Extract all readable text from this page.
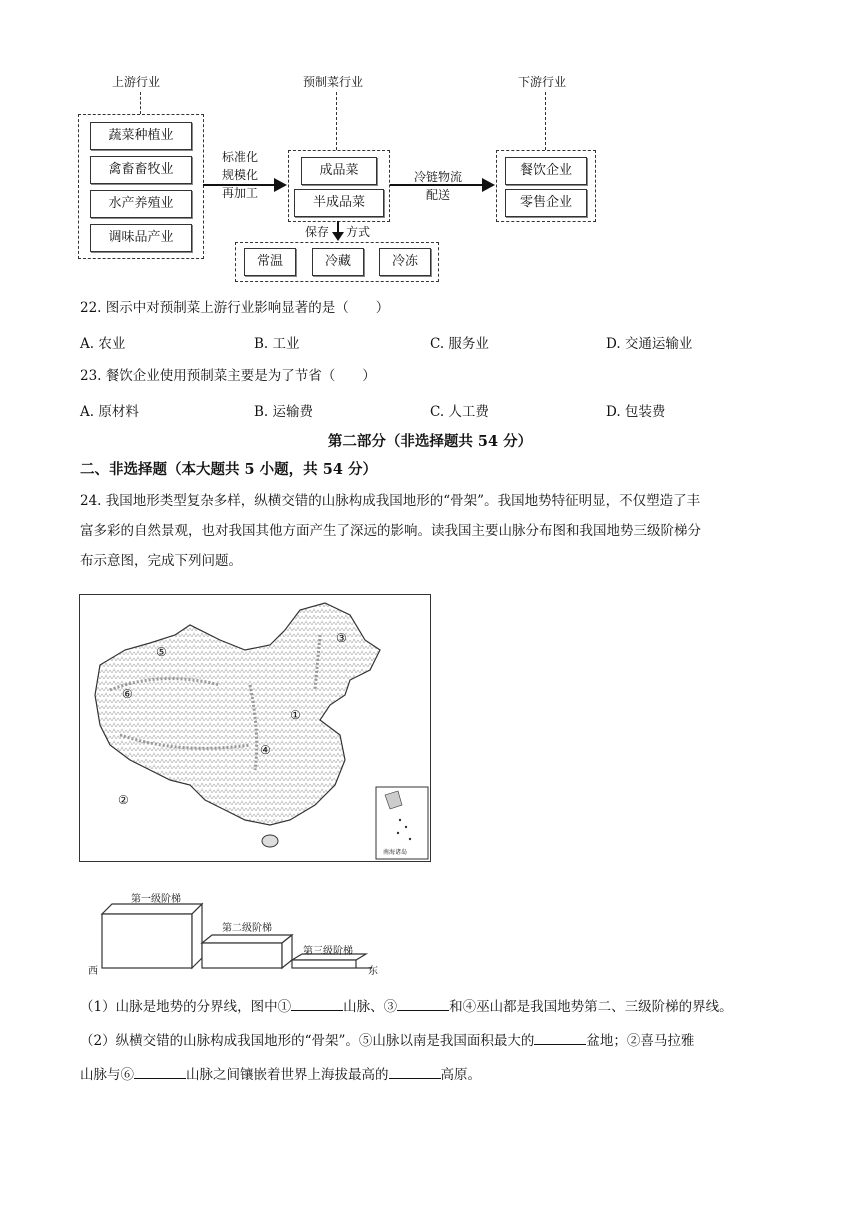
上游行业	预制菜行业	下游行业
蔬菜种植业
禽畜畜牧业
水产养殖业
调味品产业
标准化
规模化
再加工
成品菜
半成品菜
冷链物流
配送
餐饮企业
零售企业
保存 方式
常温	冷藏	冷冻
22. 图示中对预制菜上游行业影响显著的是（　　）
A. 农业	B. 工业	C. 服务业	D. 交通运输业
23. 餐饮企业使用预制菜主要是为了节省（　　）
A. 原材料	B. 运输费	C. 人工费	D. 包装费
第二部分（非选择题共 54 分）
二、非选择题（本大题共 5 小题，共 54 分）
24. 我国地形类型复杂多样，纵横交错的山脉构成我国地形的“骨架”。我国地势特征明显，不仅塑造了丰
富多彩的自然景观，也对我国其他方面产生了深远的影响。读我国主要山脉分布图和我国地势三级阶梯分
布示意图，完成下列问题。
①
②
③
④
⑤
⑥
南海诸岛
第一级阶梯
第二级阶梯
第三级阶梯
西	东
（1）山脉是地势的分界线，图中①	山脉、③	和④巫山都是我国地势第二、三级阶梯的界线。
（2）纵横交错的山脉构成我国地形的“骨架”。⑤山脉以南是我国面积最大的	盆地；②喜马拉雅
山脉与⑥	山脉之间镶嵌着世界上海拔最高的	高原。
